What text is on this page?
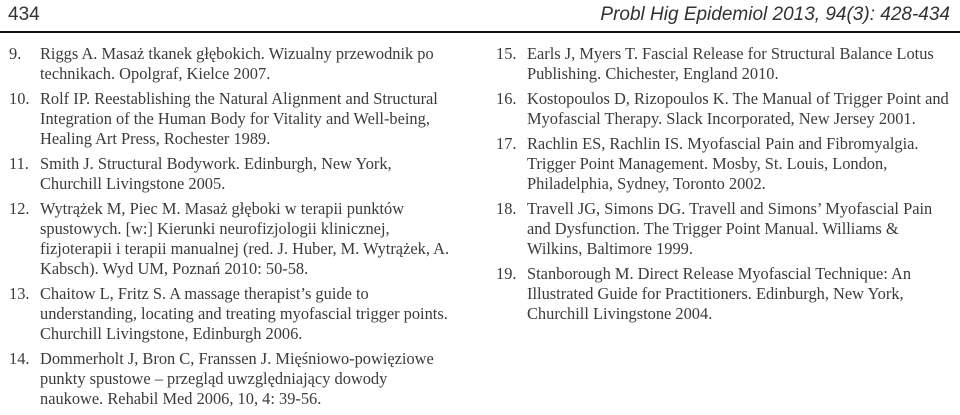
434	Probl Hig Epidemiol 2013, 94(3): 428-434
9. Riggs A. Masaż tkanek głębokich. Wizualny przewodnik po technikach. Opolgraf, Kielce 2007.
10. Rolf IP. Reestablishing the Natural Alignment and Structural Integration of the Human Body for Vitality and Well-being, Healing Art Press, Rochester 1989.
11. Smith J. Structural Bodywork. Edinburgh, New York, Churchill Livingstone 2005.
12. Wytrążek M, Piec M. Masaż głęboki w terapii punktów spustowych. [w:] Kierunki neurofizjologii klinicznej, fizjoterapii i terapii manualnej (red. J. Huber, M. Wytrążek, A. Kabsch). Wyd UM, Poznań 2010: 50-58.
13. Chaitow L, Fritz S. A massage therapist’s guide to understanding, locating and treating myofascial trigger points. Churchill Livingstone, Edinburgh 2006.
14. Dommerholt J, Bron C, Franssen J. Mięśniowo-powięziowe punkty spustowe – przegląd uwzględniający dowody naukowe. Rehabil Med 2006, 10, 4: 39-56.
15. Earls J, Myers T. Fascial Release for Structural Balance Lotus Publishing. Chichester, England 2010.
16. Kostopoulos D, Rizopoulos K. The Manual of Trigger Point and Myofascial Therapy. Slack Incorporated, New Jersey 2001.
17. Rachlin ES, Rachlin IS. Myofascial Pain and Fibromyalgia. Trigger Point Management. Mosby, St. Louis, London, Philadelphia, Sydney, Toronto 2002.
18. Travell JG, Simons DG. Travell and Simons’ Myofascial Pain and Dysfunction. The Trigger Point Manual. Williams & Wilkins, Baltimore 1999.
19. Stanborough M. Direct Release Myofascial Technique: An Illustrated Guide for Practitioners. Edinburgh, New York, Churchill Livingstone 2004.
